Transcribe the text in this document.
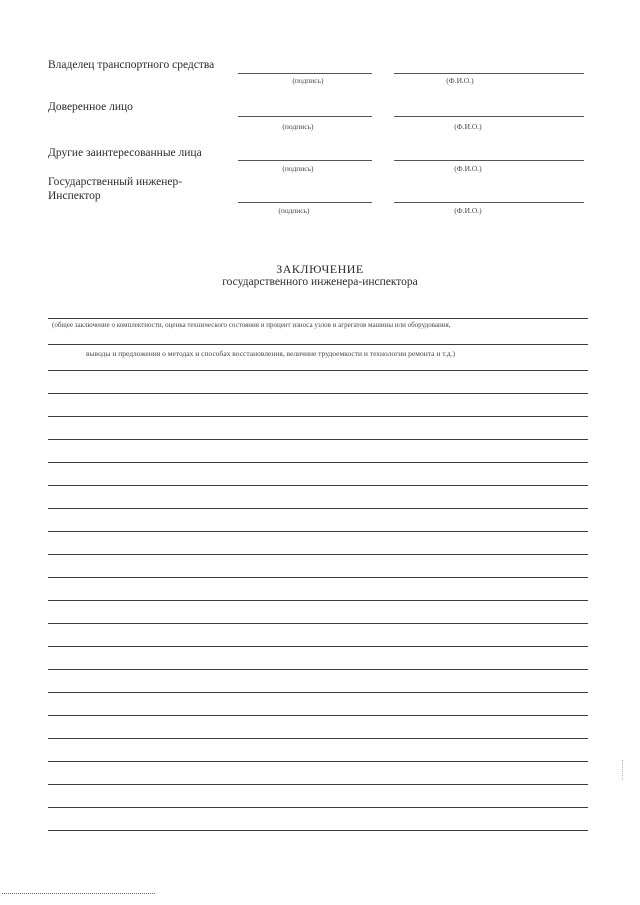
Владелец транспортного средства
(подпись)	(Ф.И.О.)
Доверенное лицо
(подпись)	(Ф.И.О.)
Другие заинтересованные лица
(подпись)	(Ф.И.О.)
Государственный инженер-Инспектор
(подпись)	(Ф.И.О.)
ЗАКЛЮЧЕНИЕ
государственного инженера-инспектора
(общее заключение о комплектности, оценка технического состояния и процент износа узлов и агрегатов машины или оборудования,
выводы и предложения о методах и способах восстановления, величине трудоемкости и технологии ремонта и т.д.)
